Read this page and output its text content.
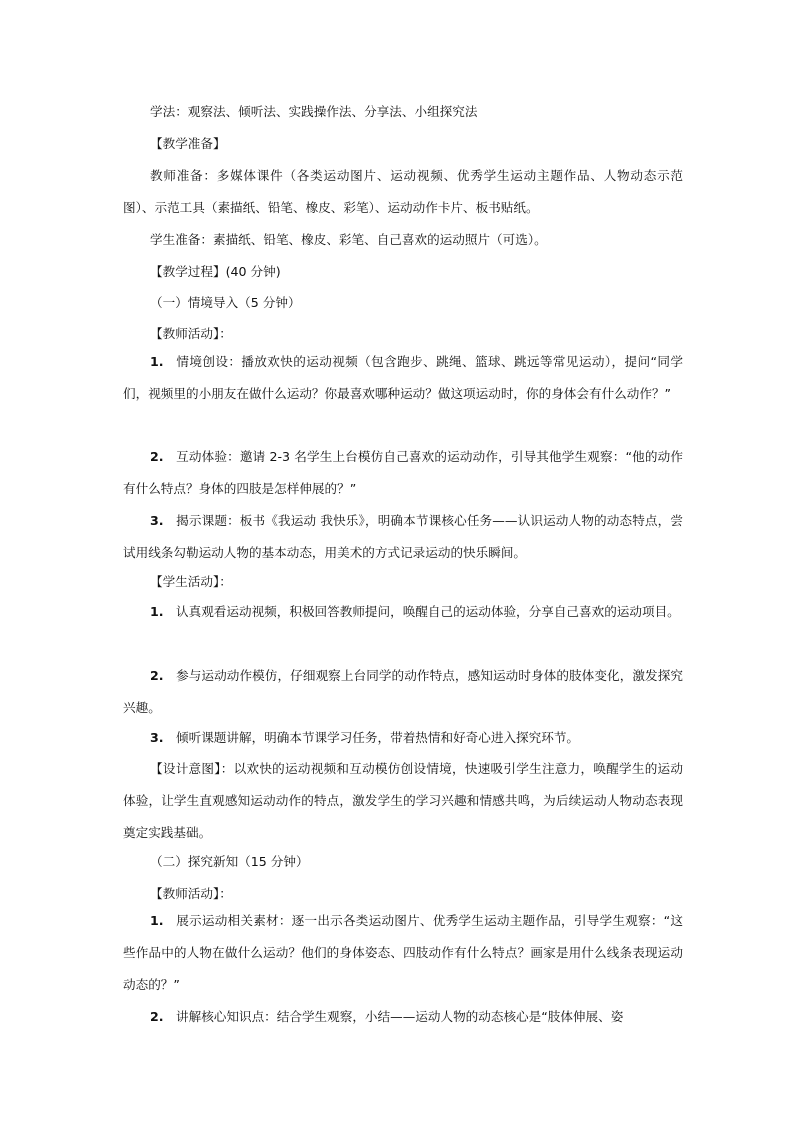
学法：观察法、倾听法、实践操作法、分享法、小组探究法

【教学准备】

教师准备：多媒体课件（各类运动图片、运动视频、优秀学生运动主题作品、人物动态示范图）、示范工具（素描纸、铅笔、橡皮、彩笔）、运动动作卡片、板书贴纸。

学生准备：素描纸、铅笔、橡皮、彩笔、自己喜欢的运动照片（可选）。

【教学过程】(40 分钟)

（一）情境导入（5 分钟）

【教师活动】：

1. 情境创设：播放欢快的运动视频（包含跑步、跳绳、篮球、跳远等常见运动），提问“同学们，视频里的小朋友在做什么运动？你最喜欢哪种运动？做这项运动时，你的身体会有什么动作？”

2. 互动体验：邀请 2-3 名学生上台模仿自己喜欢的运动动作，引导其他学生观察：“他的动作有什么特点？身体的四肢是怎样伸展的？”

3. 揭示课题：板书《我运动 我快乐》，明确本节课核心任务——认识运动人物的动态特点，尝试用线条勾勒运动人物的基本动态，用美术的方式记录运动的快乐瞬间。

【学生活动】：

1. 认真观看运动视频，积极回答教师提问，唤醒自己的运动体验，分享自己喜欢的运动项目。

2. 参与运动动作模仿，仔细观察上台同学的动作特点，感知运动时身体的肢体变化，激发探究兴趣。

3. 倾听课题讲解，明确本节课学习任务，带着热情和好奇心进入探究环节。

【设计意图】：以欢快的运动视频和互动模仿创设情境，快速吸引学生注意力，唤醒学生的运动体验，让学生直观感知运动动作的特点，激发学生的学习兴趣和情感共鸣，为后续运动人物动态表现奠定实践基础。

（二）探究新知（15 分钟）

【教师活动】：

1. 展示运动相关素材：逐一出示各类运动图片、优秀学生运动主题作品，引导学生观察：“这些作品中的人物在做什么运动？他们的身体姿态、四肢动作有什么特点？画家是用什么线条表现运动动态的？”

2. 讲解核心知识点：结合学生观察，小结——运动人物的动态核心是“肢体伸展、姿
